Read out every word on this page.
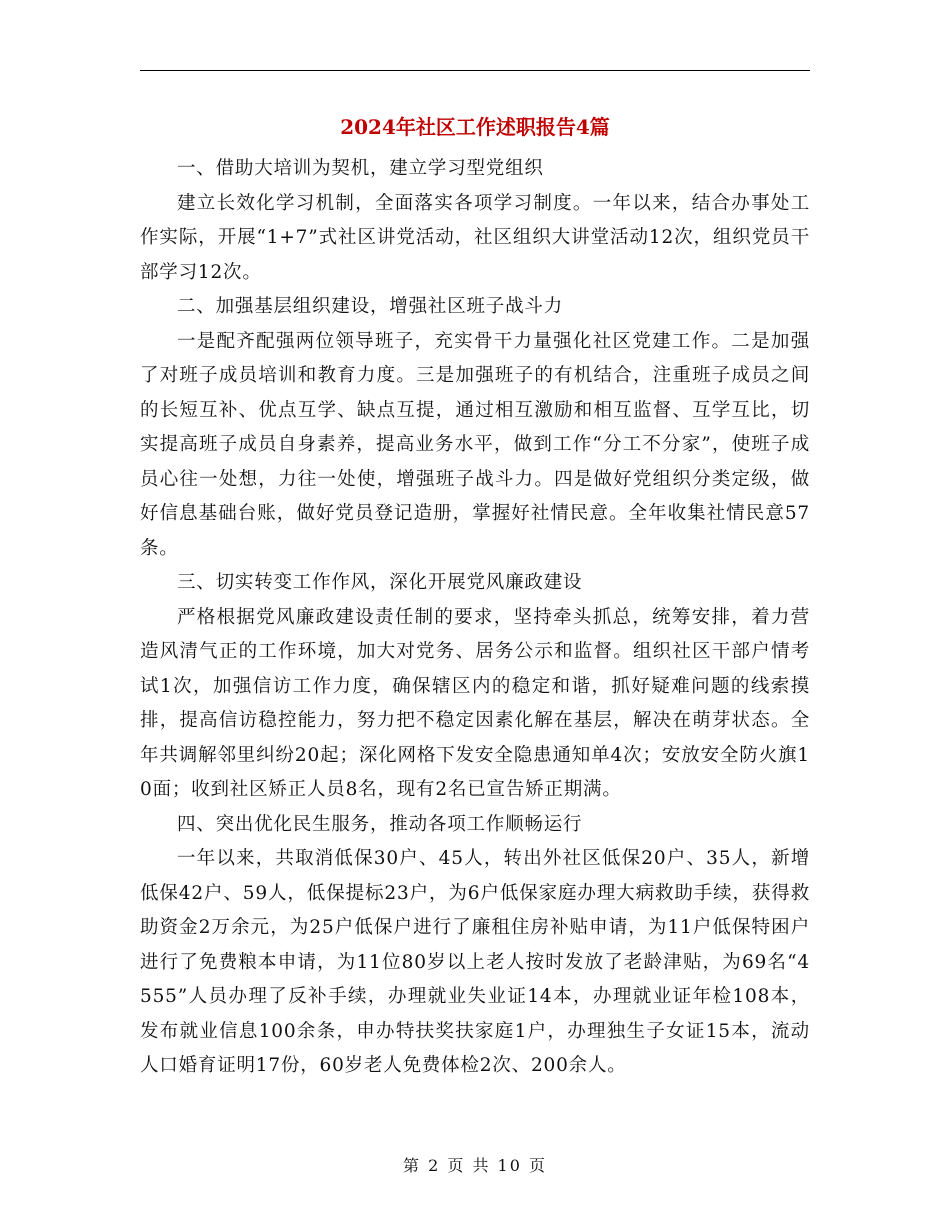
2024年社区工作述职报告4篇

一、借助大培训为契机，建立学习型党组织

建立长效化学习机制，全面落实各项学习制度。一年以来，结合办事处工作实际，开展“1+7”式社区讲党活动，社区组织大讲堂活动12次，组织党员干部学习12次。

二、加强基层组织建设，增强社区班子战斗力

一是配齐配强两位领导班子，充实骨干力量强化社区党建工作。二是加强了对班子成员培训和教育力度。三是加强班子的有机结合，注重班子成员之间的长短互补、优点互学、缺点互提，通过相互激励和相互监督、互学互比，切实提高班子成员自身素养，提高业务水平，做到工作“分工不分家”，使班子成员心往一处想，力往一处使，增强班子战斗力。四是做好党组织分类定级，做好信息基础台账，做好党员登记造册，掌握好社情民意。全年收集社情民意57条。

三、切实转变工作作风，深化开展党风廉政建设

严格根据党风廉政建设责任制的要求，坚持牵头抓总，统筹安排，着力营造风清气正的工作环境，加大对党务、居务公示和监督。组织社区干部户情考试1次，加强信访工作力度，确保辖区内的稳定和谐，抓好疑难问题的线索摸排，提高信访稳控能力，努力把不稳定因素化解在基层，解决在萌芽状态。全年共调解邻里纠纷20起；深化网格下发安全隐患通知单4次；安放安全防火旗10面；收到社区矫正人员8名，现有2名已宣告矫正期满。

四、突出优化民生服务，推动各项工作顺畅运行

一年以来，共取消低保30户、45人，转出外社区低保20户、35人，新增低保42户、59人，低保提标23户，为6户低保家庭办理大病救助手续，获得救助资金2万余元，为25户低保户进行了廉租住房补贴申请，为11户低保特困户进行了免费粮本申请，为11位80岁以上老人按时发放了老龄津贴，为69名“4555”人员办理了反补手续，办理就业失业证14本，办理就业证年检108本，发布就业信息100余条，申办特扶奖扶家庭1户，办理独生子女证15本，流动人口婚育证明17份，60岁老人免费体检2次、200余人。

第 2 页 共 10 页
